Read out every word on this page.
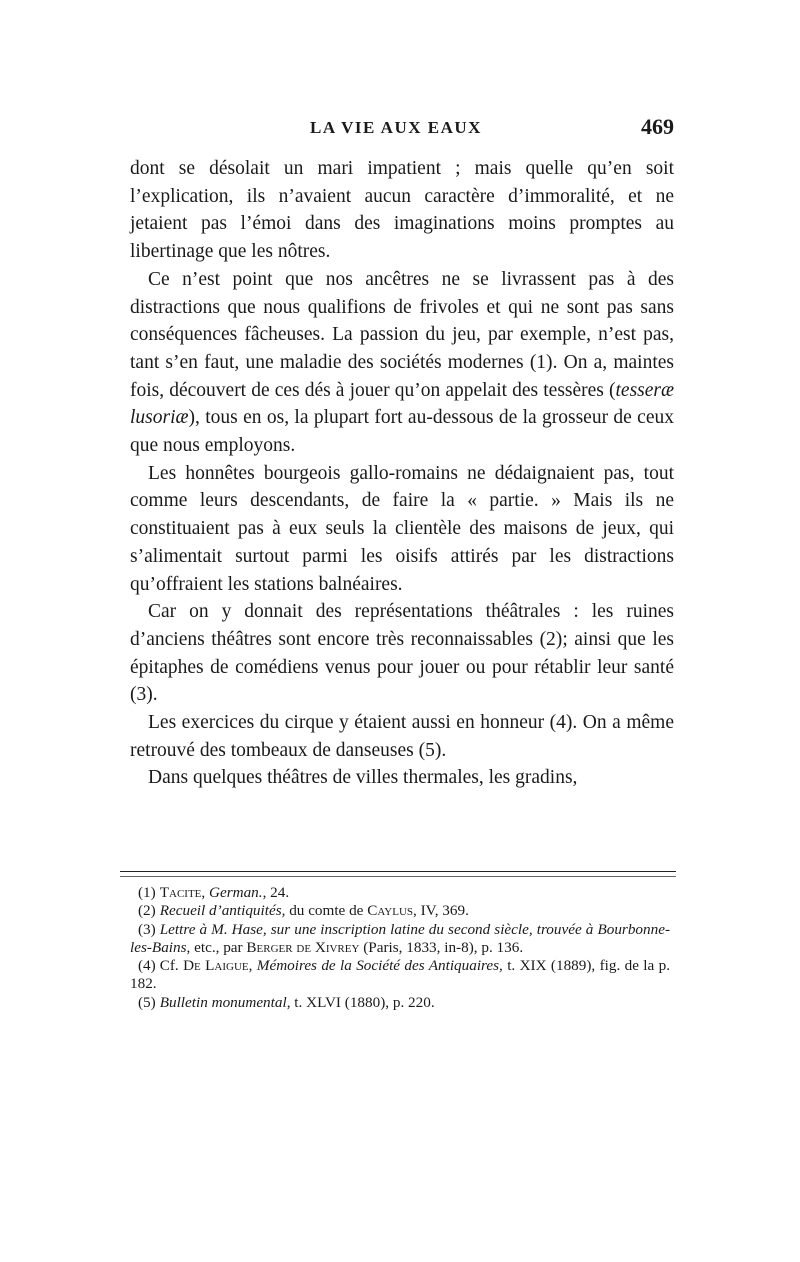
LA VIE AUX EAUX	469

dont se désolait un mari impatient ; mais quelle qu’en soit l’explication, ils n’avaient aucun caractère d’immoralité, et ne jetaient pas l’émoi dans des imaginations moins promptes au libertinage que les nôtres.

Ce n’est point que nos ancêtres ne se livrassent pas à des distractions que nous qualifions de frivoles et qui ne sont pas sans conséquences fâcheuses. La passion du jeu, par exemple, n’est pas, tant s’en faut, une maladie des sociétés modernes (1). On a, maintes fois, découvert de ces dés à jouer qu’on appelait des tessères (tesseræ lusoriæ), tous en os, la plupart fort au-dessous de la grosseur de ceux que nous employons.

Les honnêtes bourgeois gallo-romains ne dédaignaient pas, tout comme leurs descendants, de faire la « partie. » Mais ils ne constituaient pas à eux seuls la clientèle des maisons de jeux, qui s’alimentait surtout parmi les oisifs attirés par les distractions qu’offraient les stations balnéaires.

Car on y donnait des représentations théâtrales : les ruines d’anciens théâtres sont encore très reconnaissables (2); ainsi que les épitaphes de comédiens venus pour jouer ou pour rétablir leur santé (3).

Les exercices du cirque y étaient aussi en honneur (4). On a même retrouvé des tombeaux de danseuses (5).

Dans quelques théâtres de villes thermales, les gradins,

(1) Tacite, German., 24.

(2) Recueil d’antiquités, du comte de Caylus, IV, 369.

(3) Lettre à M. Hase, sur une inscription latine du second siècle, trouvée à Bourbonne-les-Bains, etc., par Berger de Xivrey (Paris, 1833, in-8), p. 136.

(4) Cf. De Laigue, Mémoires de la Société des Antiquaires, t. XIX (1889), fig. de la p. 182.

(5) Bulletin monumental, t. XLVI (1880), p. 220.
